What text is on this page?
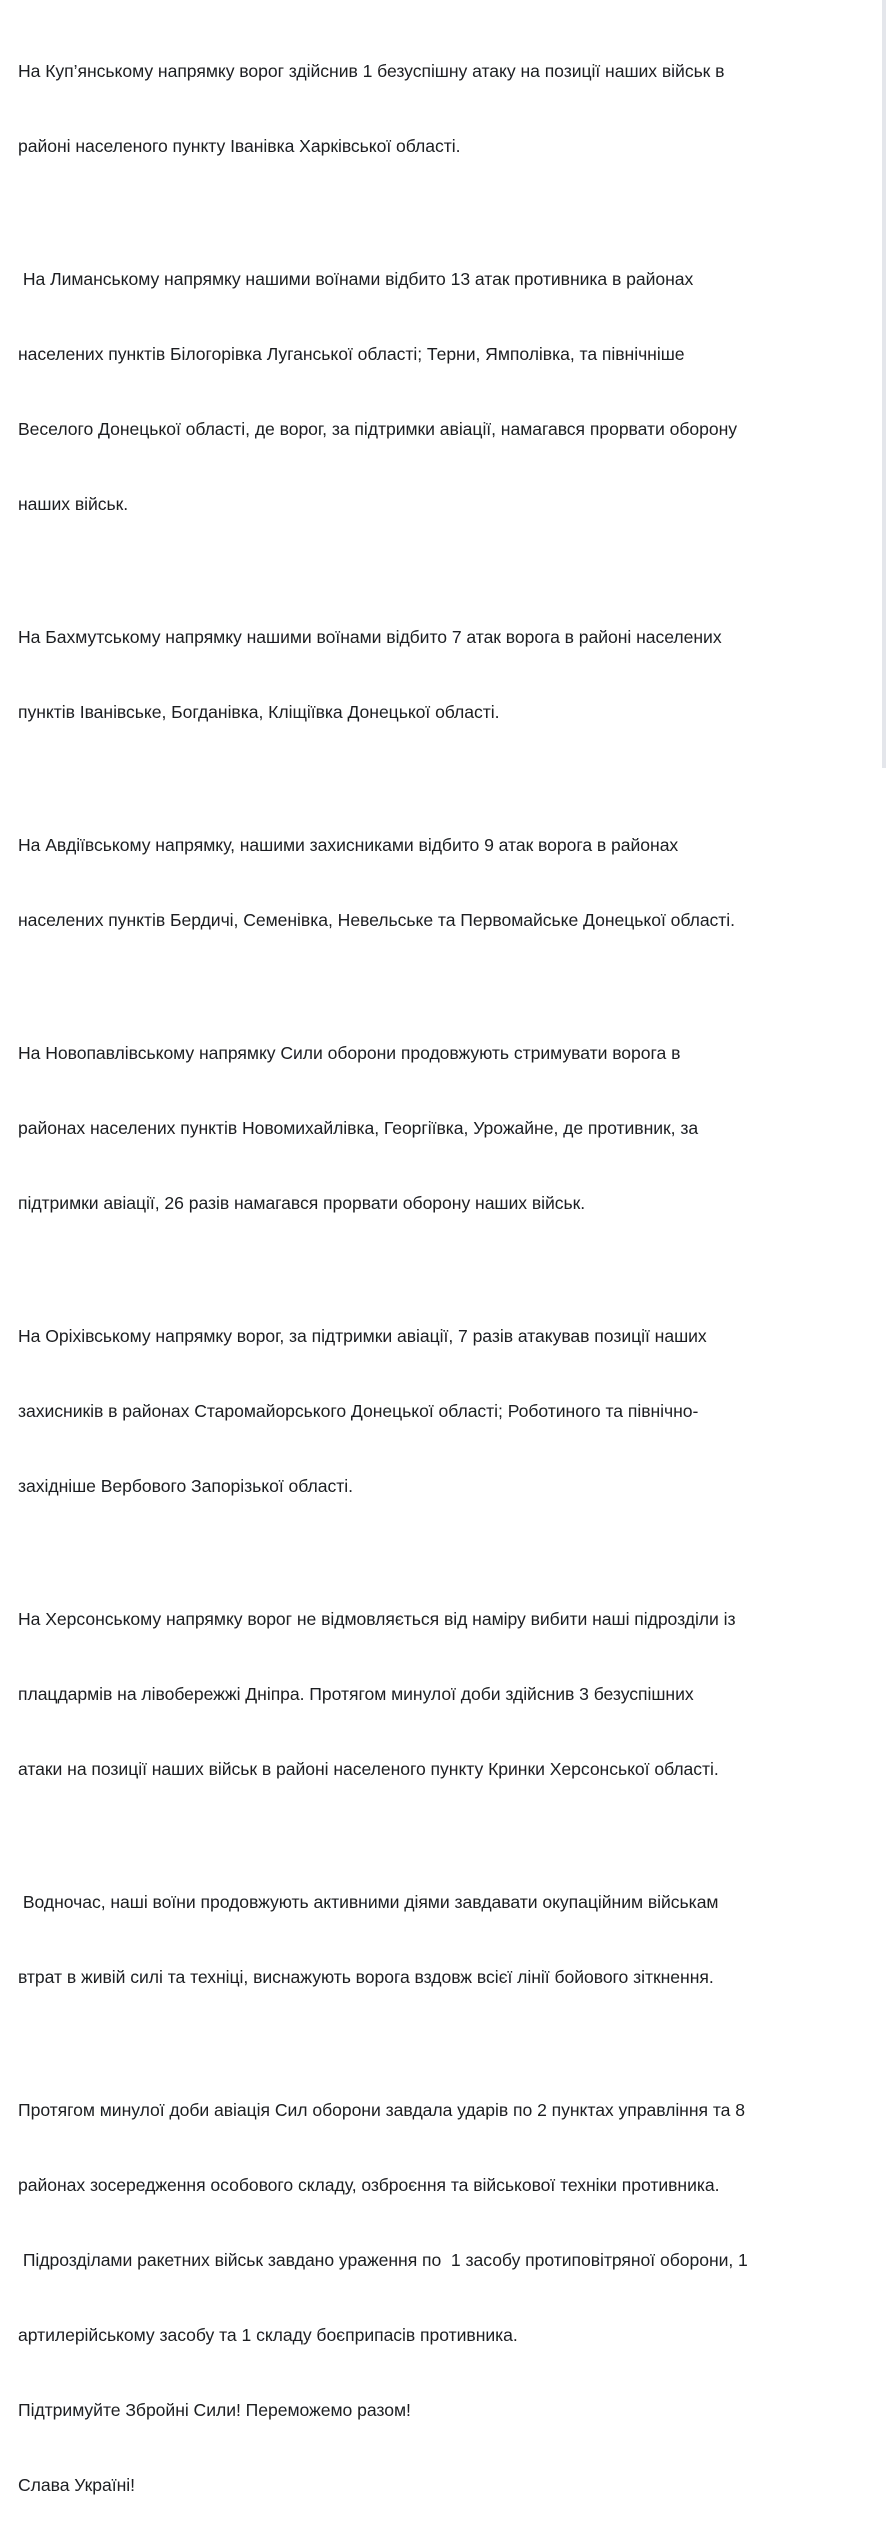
На Куп’янському напрямку ворог здійснив 1 безуспішну атаку на позиції наших військ в

районі населеного пункту Іванівка Харківської області.

На Лиманському напрямку нашими воїнами відбито 13 атак противника в районах

населених пунктів Білогорівка Луганської області; Терни, Ямполівка, та північніше

Веселого Донецької області, де ворог, за підтримки авіації, намагався прорвати оборону

наших військ.

На Бахмутському напрямку нашими воїнами відбито 7 атак ворога в районі населених

пунктів Іванівське, Богданівка, Кліщіївка Донецької області.

На Авдіївському напрямку, нашими захисниками відбито 9 атак ворога в районах

населених пунктів Бердичі, Семенівка, Невельське та Первомайське Донецької області.

На Новопавлівському напрямку Сили оборони продовжують стримувати ворога в

районах населених пунктів Новомихайлівка, Георгіївка, Урожайне, де противник, за

підтримки авіації, 26 разів намагався прорвати оборону наших військ.

На Оріхівському напрямку ворог, за підтримки авіації, 7 разів атакував позиції наших

захисників в районах Старомайорського Донецької області; Роботиного та північно-

західніше Вербового Запорізької області.

На Херсонському напрямку ворог не відмовляється від наміру вибити наші підрозділи із

плацдармів на лівобережжі Дніпра. Протягом минулої доби здійснив 3 безуспішних

атаки на позиції наших військ в районі населеного пункту Кринки Херсонської області.

Водночас, наші воїни продовжують активними діями завдавати окупаційним військам

втрат в живій силі та техніці, виснажують ворога вздовж всієї лінії бойового зіткнення.

Протягом минулої доби авіація Сил оборони завдала ударів по 2 пунктах управління та 8

районах зосередження особового складу, озброєння та військової техніки противника.

Підрозділами ракетних військ завдано ураження по  1 засобу протиповітряної оборони, 1

артилерійському засобу та 1 складу боєприпасів противника.

Підтримуйте Збройні Сили! Переможемо разом!

Слава Україні!
